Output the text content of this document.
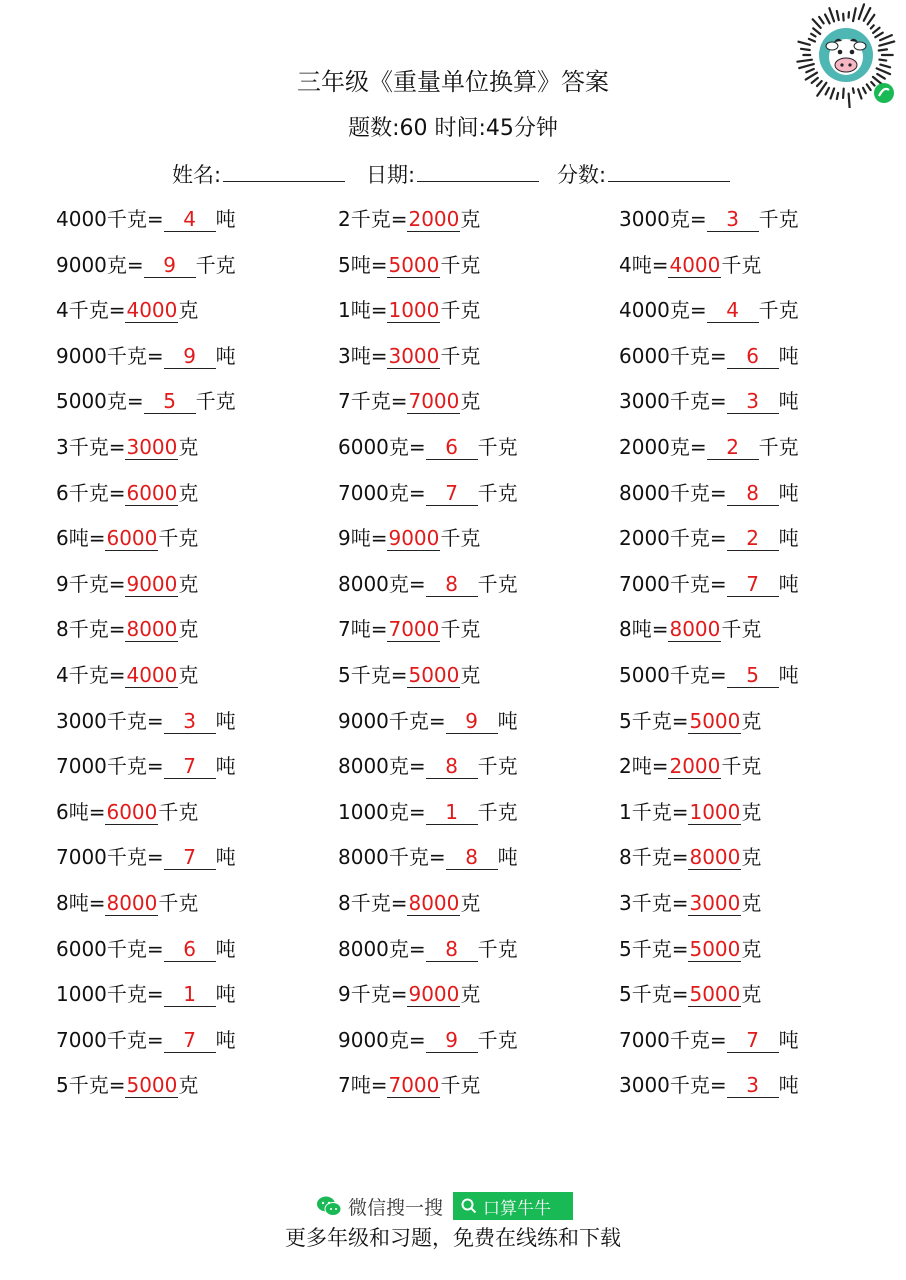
三年级《重量单位换算》答案
题数:60 时间:45分钟
姓名:	日期:	分数:
4000千克= 4 吨	2千克=2000克	3000克= 3 千克
9000克= 9 千克	5吨=5000千克	4吨=4000千克
4千克=4000克	1吨=1000千克	4000克= 4 千克
9000千克= 9 吨	3吨=3000千克	6000千克= 6 吨
5000克= 5 千克	7千克=7000克	3000千克= 3 吨
3千克=3000克	6000克= 6 千克	2000克= 2 千克
6千克=6000克	7000克= 7 千克	8000千克= 8 吨
6吨=6000千克	9吨=9000千克	2000千克= 2 吨
9千克=9000克	8000克= 8 千克	7000千克= 7 吨
8千克=8000克	7吨=7000千克	8吨=8000千克
4千克=4000克	5千克=5000克	5000千克= 5 吨
3000千克= 3 吨	9000千克= 9 吨	5千克=5000克
7000千克= 7 吨	8000克= 8 千克	2吨=2000千克
6吨=6000千克	1000克= 1 千克	1千克=1000克
7000千克= 7 吨	8000千克= 8 吨	8千克=8000克
8吨=8000千克	8千克=8000克	3千克=3000克
6000千克= 6 吨	8000克= 8 千克	5千克=5000克
1000千克= 1 吨	9千克=9000克	5千克=5000克
7000千克= 7 吨	9000克= 9 千克	7000千克= 7 吨
5千克=5000克	7吨=7000千克	3000千克= 3 吨
微信搜一搜 口算牛牛
更多年级和习题，免费在线练和下载
